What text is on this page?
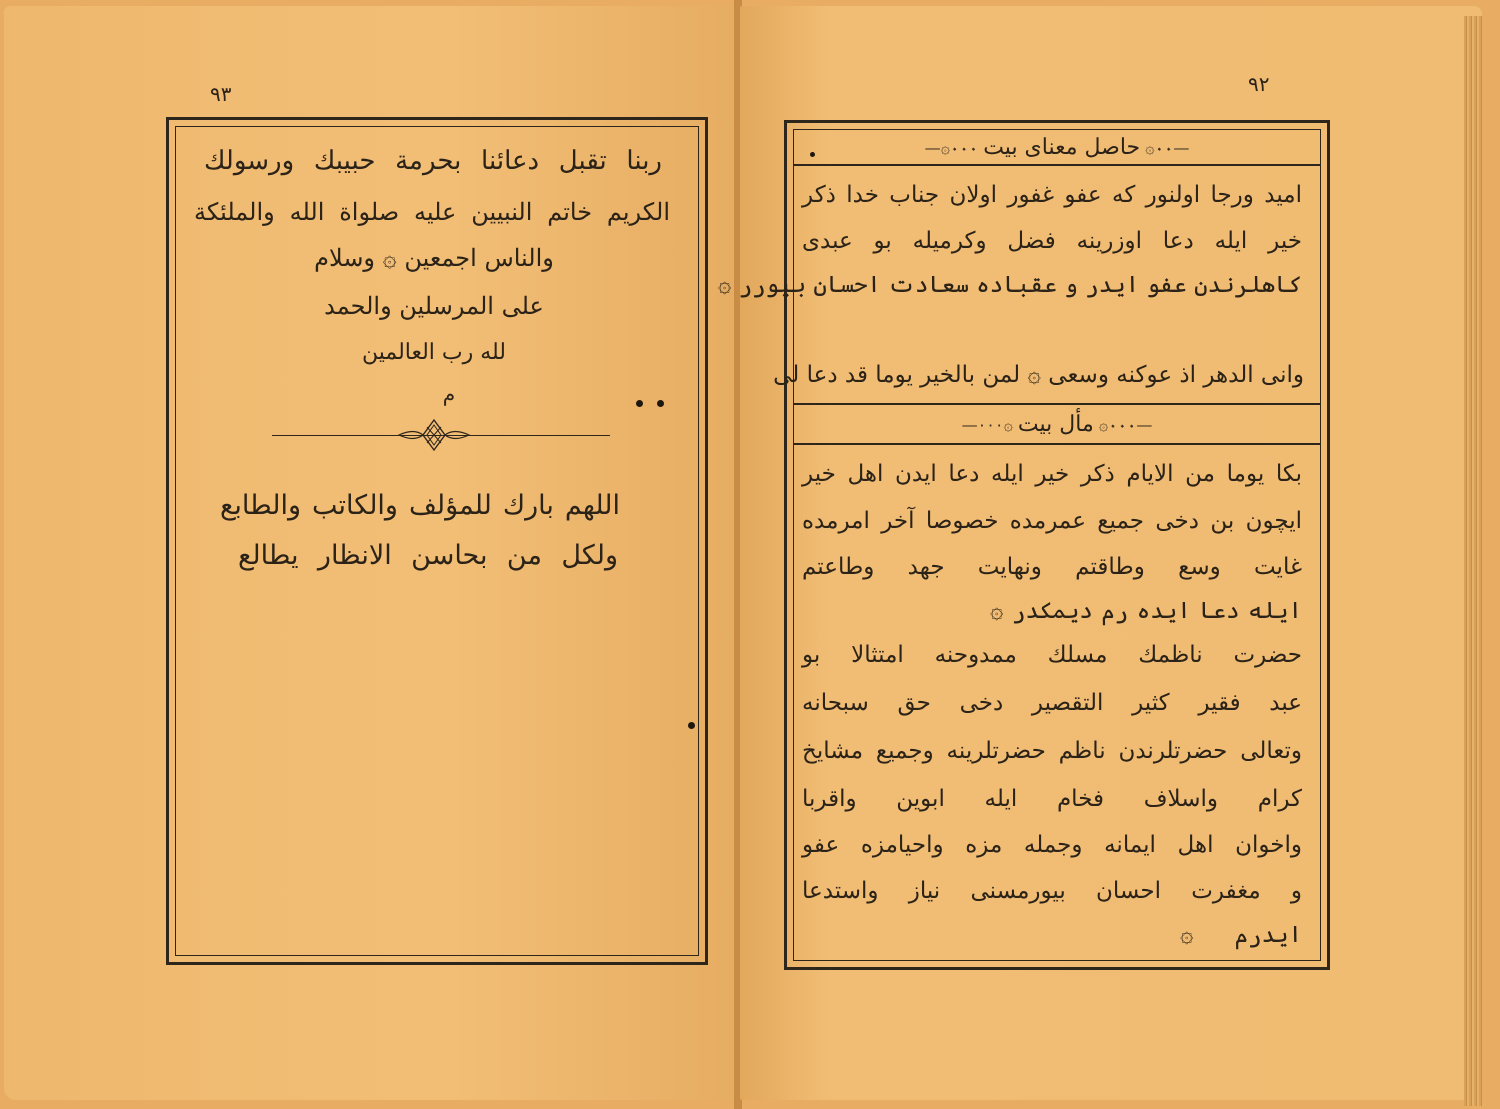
٩٣
ربنا تقبل دعائنا بحرمة حبيبك ورسولك
الكريم خاتم النبيين عليه صلواة الله والملئكة
والناس اجمعين ۞ وسلام
على المرسلين والحمد
لله رب العالمين
م
اللهم بارك للمؤلف والكاتب والطابع
ولكل من بحاسن الانظار يطالع
٩٢
—۞۰۰۰ حاصل معناى بيت ۞۰۰—
اميد ورجا اولنور كه عفو غفور اولان جناب خدا ذكر
خير ايله دعا اوزرينه فضل وكرميله بو عبدى
كاهلرندن عفو ايدر و عقباده سعادت احسان بيورر ۞
وانى الدهر اذ عوكنه وسعى ۞ لمن بالخير يوما قد دعا لى
—۰۰۰۞ مأل بيت ۞۰۰۰—
بكا يوما من الايام ذكر خير ايله دعا ايدن اهل خير
ايچون بن دخى جميع عمرمده خصوصا آخر امرمده
غايت وسع وطاقتم ونهايت جهد وطاعتم
ايله دعا ايده رم ديمكدر ۞
حضرت ناظمك مسلك ممدوحنه امتثالا بو
عبد فقير كثير التقصير دخى حق سبحانه
وتعالى حضرتلرندن ناظم حضرتلرينه وجميع مشايخ
كرام واسلاف فخام ايله ابوين واقربا
واخوان اهل ايمانه وجمله مزه واحيامزه عفو
و مغفرت احسان بيورمسنى نياز واستدعا
ايدرم ۞
